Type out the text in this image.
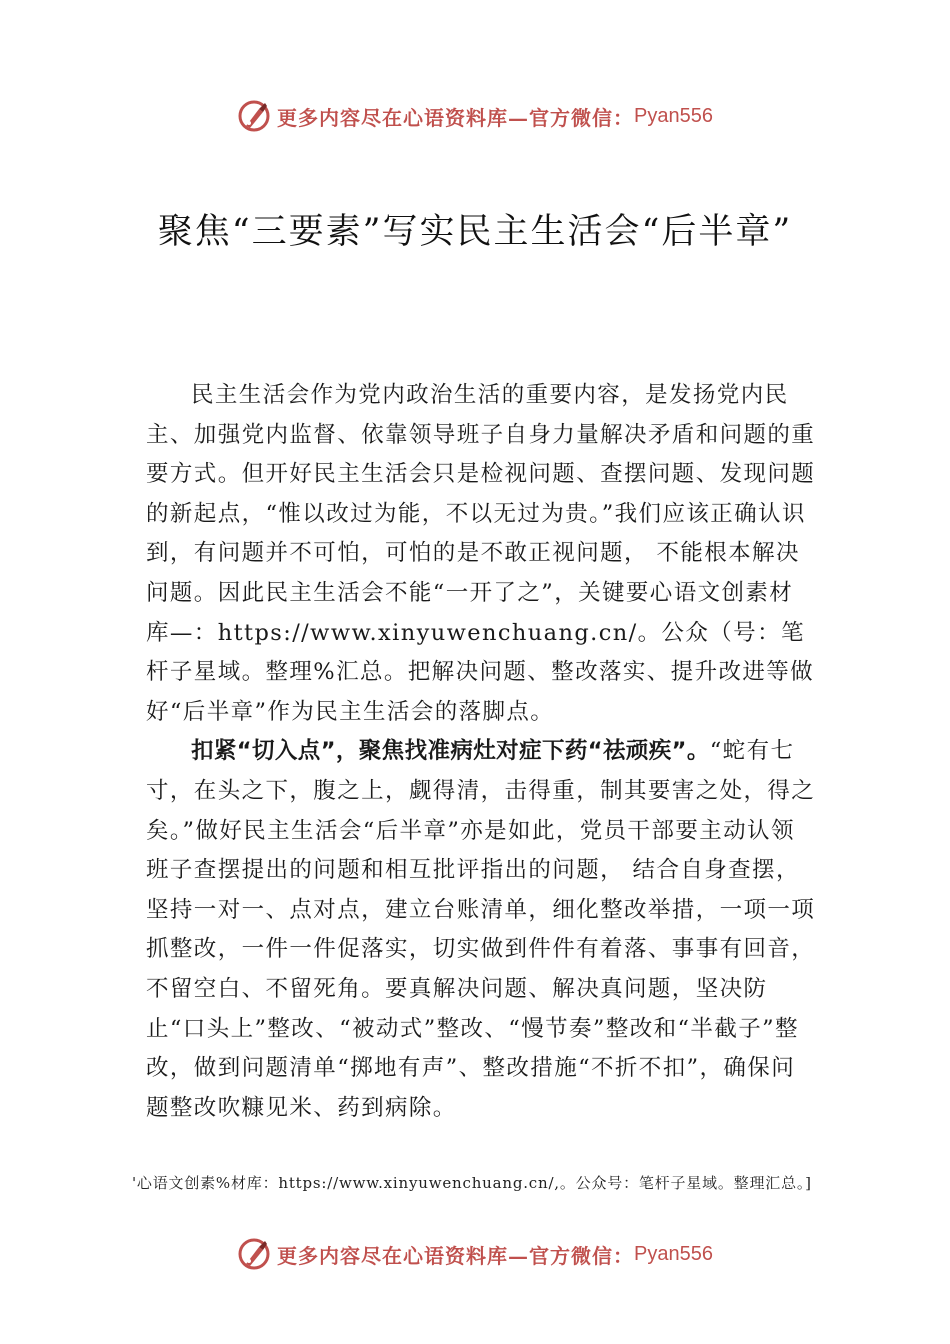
更多内容尽在心语资料库—官方微信： Pyan556
聚焦“三要素”写实民主生活会“后半章”

民主生活会作为党内政治生活的重要内容，是发扬党内民主、加强党内监督、依靠领导班子自身力量解决矛盾和问题的重要方式。但开好民主生活会只是检视问题、查摆问题、发现问题的新起点，“惟以改过为能，不以无过为贵。”我们应该正确认识到，有问题并不可怕，可怕的是不敢正视问题， 不能根本解决问题。因此民主生活会不能“一开了之”，关键要心语文创素材库—：https://www.xinyuwenchuang.cn/。公众（号：笔杆子星域。整理%汇总。把解决问题、整改落实、提升改进等做好“后半章”作为民主生活会的落脚点。

扣紧“切入点”，聚焦找准病灶对症下药“祛顽疾”。“蛇有七寸，在头之下，腹之上，觑得清，击得重，制其要害之处，得之矣。”做好民主生活会“后半章”亦是如此，党员干部要主动认领班子查摆提出的问题和相互批评指出的问题， 结合自身查摆，坚持一对一、点对点，建立台账清单，细化整改举措，一项一项抓整改，一件一件促落实，切实做到件件有着落、事事有回音，不留空白、不留死角。要真解决问题、解决真问题，坚决防止“口头上”整改、“被动式”整改、“慢节奏”整改和“半截子”整改，做到问题清单“掷地有声”、整改措施“不折不扣”，确保问题整改吹糠见米、药到病除。

'心语文创素%材库：https://www.xinyuwenchuang.cn/,。公众号：笔杆子星域。整理汇总。]
更多内容尽在心语资料库—官方微信： Pyan556
